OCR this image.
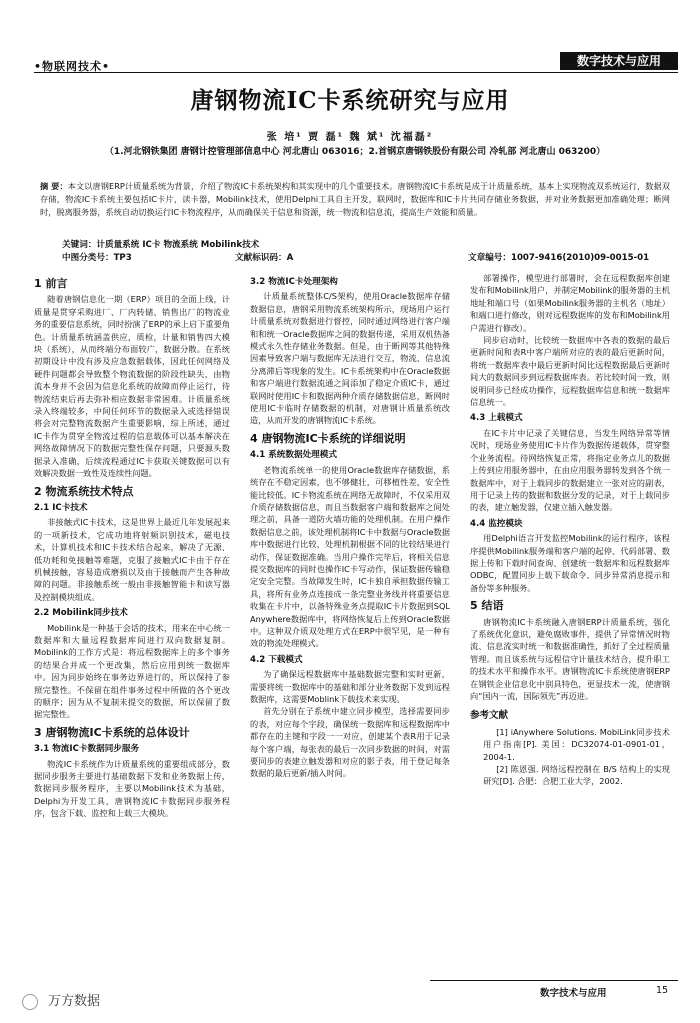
•物联网技术•	数字技术与应用
唐钢物流IC卡系统研究与应用
张 培¹ 贾 磊¹ 魏 斌¹ 沈福磊²
（1.河北钢铁集团 唐钢计控管理部信息中心 河北唐山 063016；2.首钢京唐钢铁股份有限公司 冷轧部 河北唐山 063200）
摘 要：本文以唐钢ERP计质量系统为背景，介绍了物流IC卡系统架构和其实现中的几个重要技术。唐钢物流IC卡系统是成于计质量系统，基本上实现物流双系统运行，数据双存储，物流IC卡系统主要包括IC卡片，读卡器，Mobilink技术，使用Delphi工具自主开发，联网时，数据库和IC卡片共同存储业务数据，并对业务数据更加准确处理；断网时，脱离服务器，系统自动切换运行IC卡物流程序，从而确保关于信息和资源，统一物流和信息流，提高生产效能和质量。
关键词：计质量系统 IC卡 物流系统 Mobilink技术
中图分类号：TP3	文献标识码：A	文章编号：1007-9416(2010)09-0015-01
1 前言

随着唐钢信息化一期（ERP）项目的全面上线，计质量是贯穿采购进厂、厂内转储、销售出厂的物流业务的重要信息系统，同时扮演了ERP的承上启下重要角色。计质量系统涵盖供应，质检，计量和销售四大模块（系统），从而终端分布面较广，数据分散。在系统初期设计中没有涉及应急数据载体，因此任何网络及硬件问题都会导致整个物流数据的阶段性缺失，由物流本身并不会因为信息化系统的故障而停止运行，待物流结束后再去弥补相应数据非常困难。计质量系统录入终端较多，中间任何环节的数据录入或选择错误将会对完整物流数据产生重要影响，综上所述，通过IC卡作为贯穿全物流过程的信息载体可以基本解决在网络故障情况下的数据完整性保存问题，只要源头数据录入准确，后续流程通过IC卡获取关键数据可以有效解决数据一致性及连续性问题。

2 物流系统技术特点
2.1 IC卡技术

非接触式IC卡技术，这是世界上最近几年发展起来的一项新技术，它成功地将射频识别技术，磁电技术，计算机技术和IC卡技术结合起来，解决了无源、低功耗和免接触等难题，克服了接触式IC卡由于存在机械接触，容易造成磨损以及由于接触而产生各种故障的问题。非接触系统一般由非接触智能卡和读写器及控制模块组成。

2.2 Mobilink同步技术

Mobilink是一种基于会话的技术，用来在中心统一数据库和大量远程数据库间进行双向数据复制。Mobilink的工作方式是：将远程数据库上的多个事务的结果合并成一个更改集，然后应用到统一数据库中。因为同步始终在事务边界进行的，所以保持了参照完整性。不保留在组件事务过程中所做的各个更改的顺序；因为从不复制未提交的数据，所以保留了数据完整性。

3 唐钢物流IC卡系统的总体设计
3.1 物流IC卡数据同步服务

物流IC卡系统作为计质量系统的重要组成部分，数据同步服务主要进行基础数据下发和业务数据上传，数据同步服务程序，主要以Mobilink技术为基础，Delphi为开发工具，唐钢物流IC卡数据同步服务程序，包含下载、监控和上载三大模块。

3.2 物流IC卡处理架构

计质量系统整体C/S架构，使用Oracle数据库存储数据信息，唐钢采用物流系统架构所示，现场用户运行计质量系统对数据进行督控，同时通过网络进行客户端和和统一Oracle数据库之间的数据传递，采用双机热备模式永久性存储业务数据。但是，由于断网等其他特殊因素导致客户端与数据库无法进行交互，物流、信息流分离滞后等现象的发生。IC卡系统架构中在Oracle数据和客户端进行数据流通之间添加了稳定介质IC卡，通过联网时使用IC卡和数据两种介质存储数据信息，断网时使用IC卡临时存储数据的机制，对唐钢计质量系统改造，从而开发的唐钢物流IC卡系统。

4 唐钢物流IC卡系统的详细说明
4.1 系统数据处理模式

老物流系统单一的使用Oracle数据库存储数据，系统存在不稳定因素，也不够健壮，可移植性差，安全性能比较低。IC卡物流系统在网络无故障时，不仅采用双介质存储数据信息，而且当数据客户端和数据库之间处理之前，具备一道防火墙功能的处理机制。在用户操作数据信息之前，该处理机制将IC卡中数据与Oracle数据库中数据进行比较，处理机制根据不同的比较结果进行动作，保证数据准确。当用户操作完毕后，将相关信息提交数据库的同时也操作IC卡写动作，保证数据传输稳定安全完整。当故障发生时，IC卡独自承担数据传输工具，将所有业务点连接成一条完整业务线并将重要信息收集在卡片中，以备特殊业务点提取IC卡片数据到SQL Anywhere数据库中，将网络恢复后上传到Oracle数据中。这种双介质双处理方式在ERP中很罕见，是一种有效的物流处理模式。

4.2 下载模式

为了确保远程数据库中基础数据完整和实时更新，需要将统一数据库中的基础和部分业务数据下发到远程数据库，这需要Moblink下载技术来实现。

首先分别在子系统中建立同步模型，选择需要同步的表，对应每个字段，确保统一数据库和远程数据库中都存在的主键和字段一一对应，创建某个表R用于记录每个客户端，每张表的最后一次同步数据的时间，对需要同步的表建立触发器和对应的影子表，用于登记每条数据的最后更新/插入时间。

部署操作，模型进行部署时，会在远程数据库创建发布和Mobilink用户，并制定Mobilink的服务器的主机地址和端口号（如果Mobilink服务器的主机名（地址）和端口进行修改，则对远程数据库的发布和Mobilink用户需进行修改）。

同步启动时，比较统一数据库中各表的数据的最后更新时间和表R中客户端所对应的表的最后更新时间，将统一数据库表中最后更新时间比远程数据最后更新时间大的数据同步到远程数据库表。若比较时间一致，则说明同步已经成功操作，远程数据库信息和统一数据库信息统一。

4.3 上载模式

在IC卡片中记录了关键信息，当发生网络异常等情况时，现场业务使用IC卡片作为数据传递载体，贯穿整个业务流程。待网络恢复正常，将指定业务点儿的数据上传到应用服务器中，在由应用服务器转发到各个统一数据库中，对于上载同步的数据建立一张对应的副表，用于记录上传的数据和数据分发的记录，对于上载同步的表，建立触发器，仅建立插入触发器。

4.4 监控模块

用Delphi语言开发监控Mobilink的运行程序，该程序提供Mobilink服务端和客户端的起停、代码部署、数据上传和下载时间查询、创建统一数据库和远程数据库ODBC，配置同步上载下载命令、同步异常消息提示和备份等多种服务。

5 结语

唐钢物流IC卡系统融入唐钢ERP计质量系统，强化了系统优化意识，避免腐败事件，提供了异常情况时物流、信息流实时统一和数据准确性，抓好了全过程质量管理。而且该系统与远程信守计量技术结合，提升职工的技术水平和操作水平。唐钢物流IC卡系统使唐钢ERP在钢铁企业信息化中别具特色，更显技术一流，使唐钢向“国内一流，国际领先”再迈进。

参考文献

[1] iAnywhere Solutions. MobiLink同步技术用户指南[P]. 美国：DC32074-01-0901-01，2004-1.

[2] 陈恩强. 网络远程控制在 B/S 结构上的实现研究[D]. 合肥：合肥工业大学，2002.

数字技术与应用	15
万方数据
